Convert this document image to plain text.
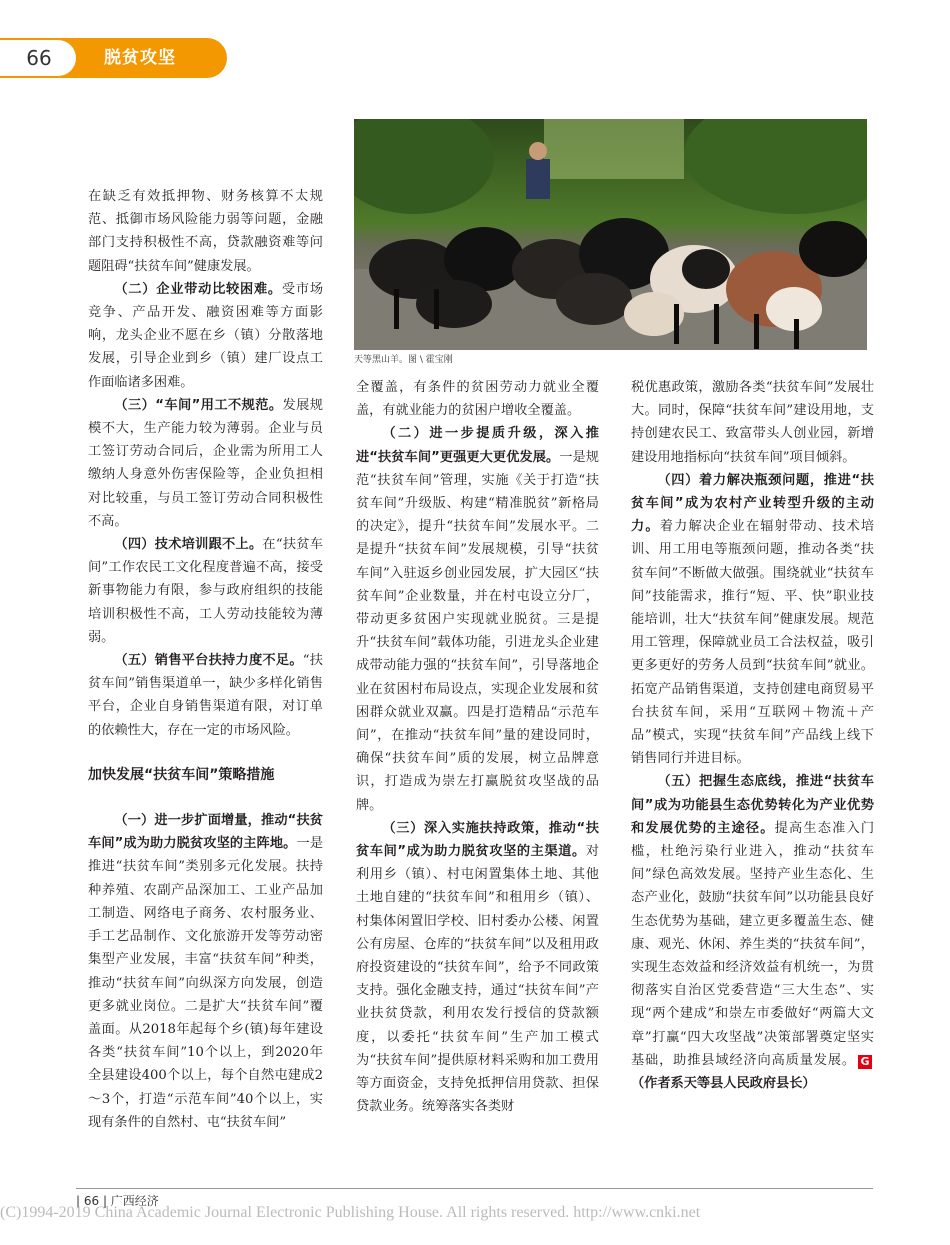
66	脱贫攻坚
天等黑山羊。图 \ 霍宝刚

在缺乏有效抵押物、财务核算不太规范、抵御市场风险能力弱等问题，金融部门支持积极性不高，贷款融资难等问题阻碍“扶贫车间”健康发展。

（二）企业带动比较困难。受市场竞争、产品开发、融资困难等方面影响，龙头企业不愿在乡（镇）分散落地发展，引导企业到乡（镇）建厂设点工作面临诸多困难。

（三）“车间”用工不规范。发展规模不大，生产能力较为薄弱。企业与员工签订劳动合同后，企业需为所用工人缴纳人身意外伤害保险等，企业负担相对比较重，与员工签订劳动合同积极性不高。

（四）技术培训跟不上。在“扶贫车间”工作农民工文化程度普遍不高，接受新事物能力有限，参与政府组织的技能培训积极性不高，工人劳动技能较为薄弱。

（五）销售平台扶持力度不足。“扶贫车间”销售渠道单一，缺少多样化销售平台，企业自身销售渠道有限，对订单的依赖性大，存在一定的市场风险。

加快发展“扶贫车间”策略措施

（一）进一步扩面增量，推动“扶贫车间”成为助力脱贫攻坚的主阵地。一是推进“扶贫车间”类别多元化发展。扶持种养殖、农副产品深加工、工业产品加工制造、网络电子商务、农村服务业、手工艺品制作、文化旅游开发等劳动密集型产业发展，丰富“扶贫车间”种类，推动“扶贫车间”向纵深方向发展，创造更多就业岗位。二是扩大“扶贫车间”覆盖面。从2018年起每个乡(镇)每年建设各类“扶贫车间”10个以上，到2020年全县建设400个以上，每个自然屯建成2～3个，打造“示范车间”40个以上，实现有条件的自然村、屯“扶贫车间”

全覆盖，有条件的贫困劳动力就业全覆盖，有就业能力的贫困户增收全覆盖。

（二）进一步提质升级，深入推进“扶贫车间”更强更大更优发展。一是规范“扶贫车间”管理，实施《关于打造“扶贫车间”升级版、构建“精准脱贫”新格局的决定》，提升“扶贫车间”发展水平。二是提升“扶贫车间”发展规模，引导“扶贫车间”入驻返乡创业园发展，扩大园区“扶贫车间”企业数量，并在村屯设立分厂，带动更多贫困户实现就业脱贫。三是提升“扶贫车间”载体功能，引进龙头企业建成带动能力强的“扶贫车间”，引导落地企业在贫困村布局设点，实现企业发展和贫困群众就业双赢。四是打造精品“示范车间”，在推动“扶贫车间”量的建设同时，确保“扶贫车间”质的发展，树立品牌意识，打造成为崇左打赢脱贫攻坚战的品牌。

（三）深入实施扶持政策，推动“扶贫车间”成为助力脱贫攻坚的主渠道。对利用乡（镇）、村屯闲置集体土地、其他土地自建的“扶贫车间”和租用乡（镇）、村集体闲置旧学校、旧村委办公楼、闲置公有房屋、仓库的“扶贫车间”以及租用政府投资建设的“扶贫车间”，给予不同政策支持。强化金融支持，通过“扶贫车间”产业扶贫贷款，利用农发行授信的贷款额度，以委托“扶贫车间”生产加工模式为“扶贫车间”提供原材料采购和加工费用等方面资金，支持免抵押信用贷款、担保贷款业务。统筹落实各类财

税优惠政策，激励各类“扶贫车间”发展壮大。同时，保障“扶贫车间”建设用地，支持创建农民工、致富带头人创业园，新增建设用地指标向“扶贫车间”项目倾斜。

（四）着力解决瓶颈问题，推进“扶贫车间”成为农村产业转型升级的主动力。着力解决企业在辐射带动、技术培训、用工用电等瓶颈问题，推动各类“扶贫车间”不断做大做强。围绕就业“扶贫车间”技能需求，推行“短、平、快”职业技能培训，壮大“扶贫车间”健康发展。规范用工管理，保障就业员工合法权益，吸引更多更好的劳务人员到“扶贫车间”就业。拓宽产品销售渠道，支持创建电商贸易平台扶贫车间，采用“互联网＋物流＋产品”模式，实现“扶贫车间”产品线上线下销售同行并进目标。

（五）把握生态底线，推进“扶贫车间”成为功能县生态优势转化为产业优势和发展优势的主途径。提高生态准入门槛，杜绝污染行业进入，推动“扶贫车间”绿色高效发展。坚持产业生态化、生态产业化，鼓励“扶贫车间”以功能县良好生态优势为基础，建立更多覆盖生态、健康、观光、休闲、养生类的“扶贫车间”，实现生态效益和经济效益有机统一，为贯彻落实自治区党委营造“三大生态”、实现“两个建成”和崇左市委做好“两篇大文章”打赢“四大攻坚战”决策部署奠定坚实基础，助推县域经济向高质量发展。 G（作者系天等县人民政府县长）

| 66 | 广西经济
(C)1994-2019 China Academic Journal Electronic Publishing House. All rights reserved. http://www.cnki.net
